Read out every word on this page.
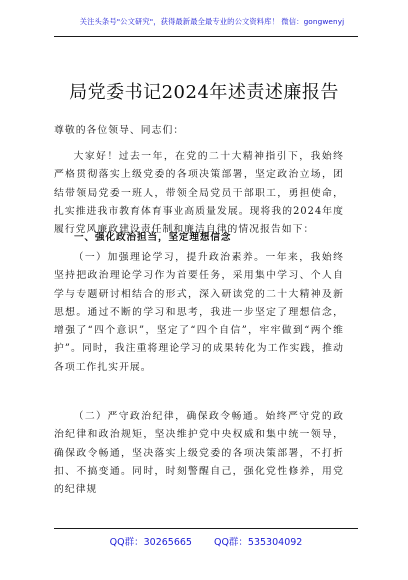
关注头条号"公文研究"，获得最新最全最专业的公文资料库！ 微信：gongwenyj
局党委书记2024年述责述廉报告
尊敬的各位领导、同志们：
大家好！过去一年，在党的二十大精神指引下，我始终严格贯彻落实上级党委的各项决策部署，坚定政治立场，团结带领局党委一班人，带领全局党员干部职工，勇担使命，扎实推进我市教育体育事业高质量发展。现将我的2024年度履行党风廉政建设责任制和廉洁自律的情况报告如下：
一、强化政治担当，坚定理想信念
（一）加强理论学习，提升政治素养。一年来，我始终坚持把政治理论学习作为首要任务，采用集中学习、个人自学与专题研讨相结合的形式，深入研读党的二十大精神及新思想。通过不断的学习和思考，我进一步坚定了理想信念，增强了“四个意识”，坚定了“四个自信”，牢牢做到“两个维护”。同时，我注重将理论学习的成果转化为工作实践，推动各项工作扎实开展。
（二）严守政治纪律，确保政令畅通。始终严守党的政治纪律和政治规矩，坚决维护党中央权威和集中统一领导，确保政令畅通，坚决落实上级党委的各项决策部署，不打折扣、不搞变通。同时，时刻警醒自己，强化党性修养，用党的纪律规
QQ群：30265665 QQ群：535304092
